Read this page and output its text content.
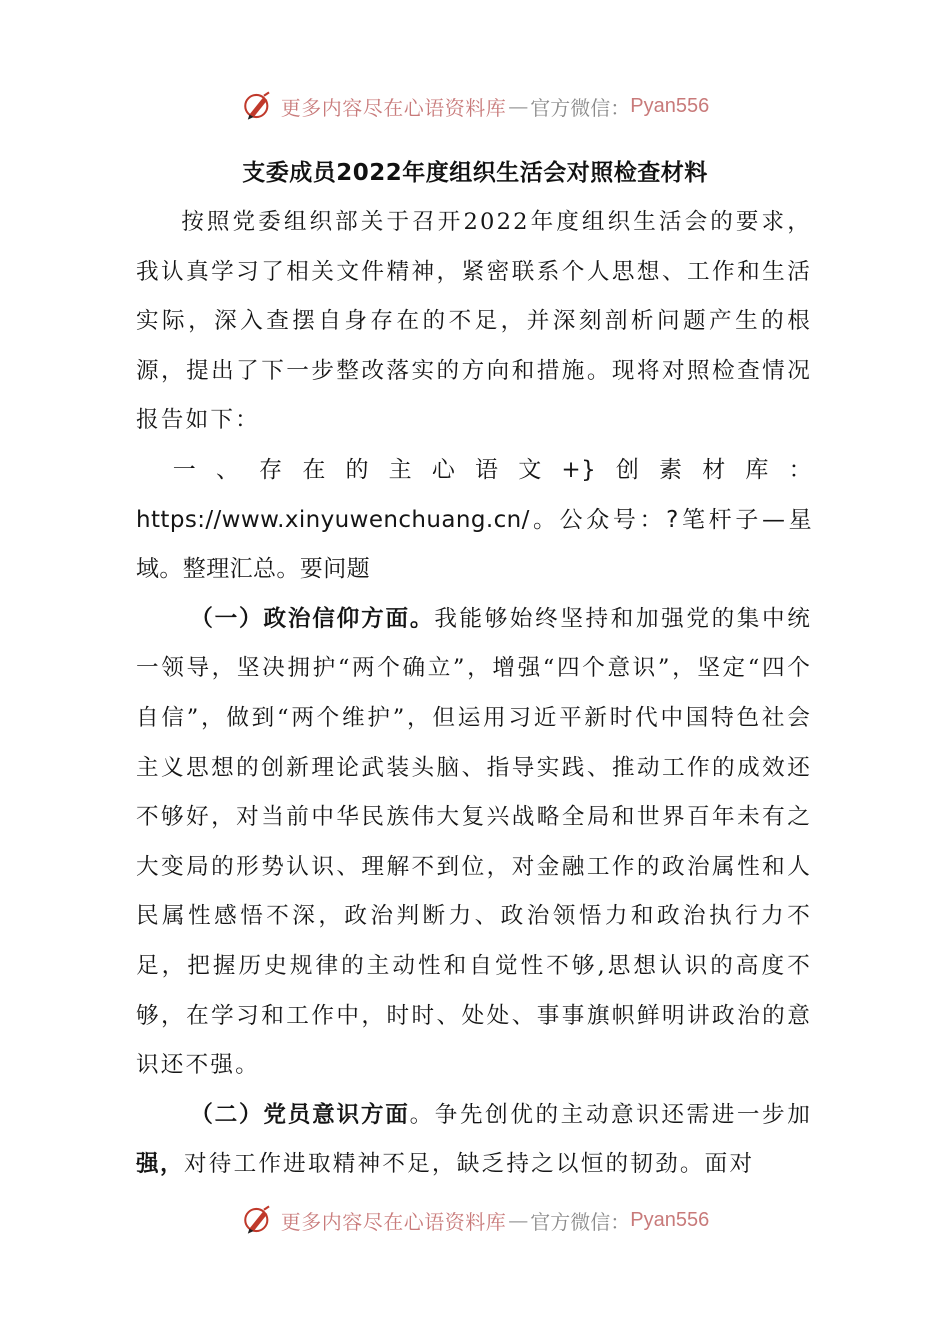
更多内容尽在心语资料库 — 官方微信： Pyan556
支委成员2022年度组织生活会对照检查材料

按照党委组织部关于召开2022年度组织生活会的要求，我认真学习了相关文件精神，紧密联系个人思想、工作和生活实际，深入查摆自身存在的不足，并深刻剖析问题产生的根源，提出了下一步整改落实的方向和措施。现将对照检查情况报告如下：

一、存在的主心语文+}创素材库：https://www.xinyuwenchuang.cn/。公众号：?笔杆子—星域。整理汇总。要问题

（一）政治信仰方面。我能够始终坚持和加强党的集中统一领导，坚决拥护“两个确立”，增强“四个意识”，坚定“四个自信”，做到“两个维护”，但运用习近平新时代中国特色社会主义思想的创新理论武装头脑、指导实践、推动工作的成效还不够好，对当前中华民族伟大复兴战略全局和世界百年未有之大变局的形势认识、理解不到位，对金融工作的政治属性和人民属性感悟不深，政治判断力、政治领悟力和政治执行力不足，把握历史规律的主动性和自觉性不够,思想认识的高度不够，在学习和工作中，时时、处处、事事旗帜鲜明讲政治的意识还不强。

（二）党员意识方面。争先创优的主动意识还需进一步加强，对待工作进取精神不足，缺乏持之以恒的韧劲。面对

更多内容尽在心语资料库 — 官方微信： Pyan556
